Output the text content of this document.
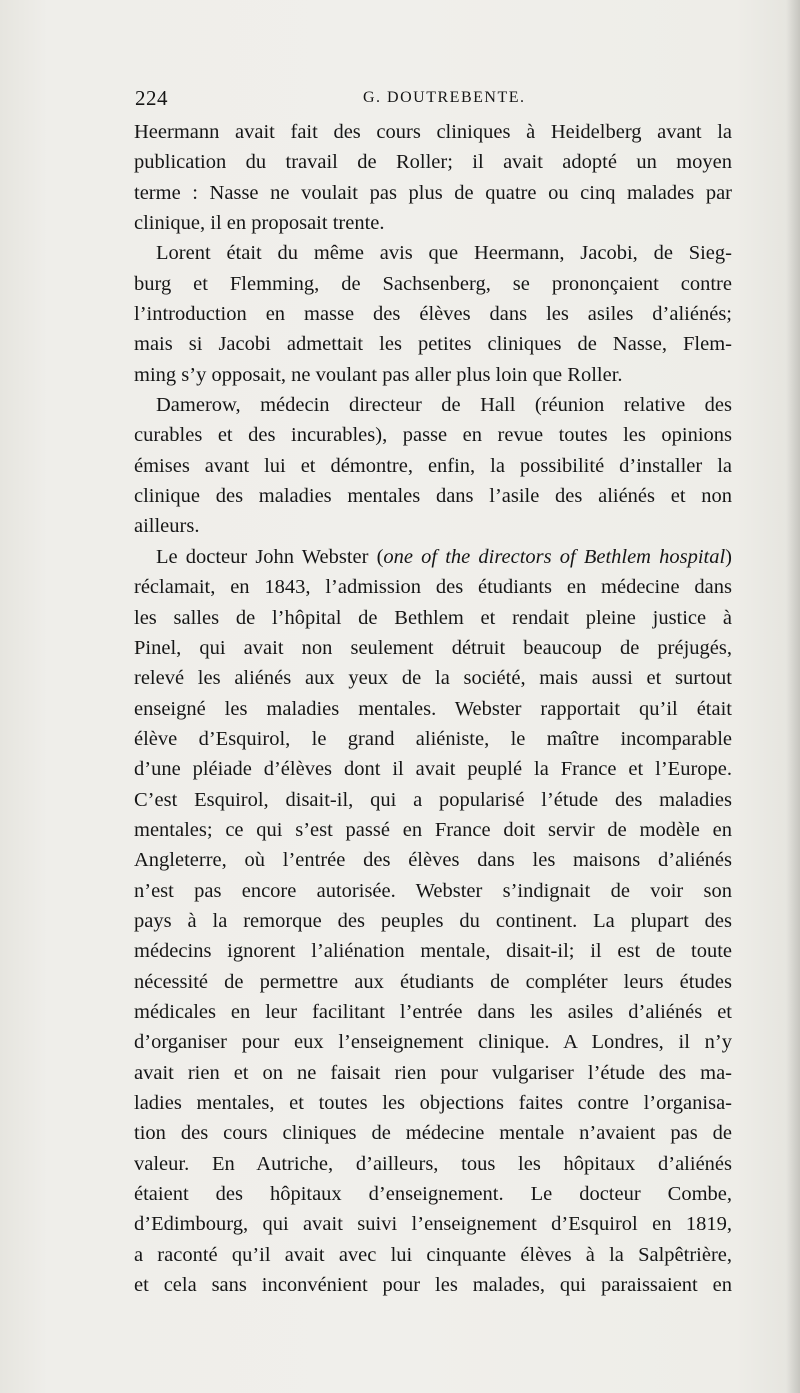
224	G. DOUTREBENTE.
Heermann avait fait des cours cliniques à Heidelberg avant la
publication du travail de Roller; il avait adopté un moyen
terme : Nasse ne voulait pas plus de quatre ou cinq malades par
clinique, il en proposait trente.
Lorent était du même avis que Heermann, Jacobi, de Sieg-
burg et Flemming, de Sachsenberg, se prononçaient contre
l’introduction en masse des élèves dans les asiles d’aliénés;
mais si Jacobi admettait les petites cliniques de Nasse, Flem-
ming s’y opposait, ne voulant pas aller plus loin que Roller.
Damerow, médecin directeur de Hall (réunion relative des
curables et des incurables), passe en revue toutes les opinions
émises avant lui et démontre, enfin, la possibilité d’installer la
clinique des maladies mentales dans l’asile des aliénés et non
ailleurs.
Le docteur John Webster (one of the directors of Bethlem hospital)
réclamait, en 1843, l’admission des étudiants en médecine dans
les salles de l’hôpital de Bethlem et rendait pleine justice à
Pinel, qui avait non seulement détruit beaucoup de préjugés,
relevé les aliénés aux yeux de la société, mais aussi et surtout
enseigné les maladies mentales. Webster rapportait qu’il était
élève d’Esquirol, le grand aliéniste, le maître incomparable
d’une pléiade d’élèves dont il avait peuplé la France et l’Europe.
C’est Esquirol, disait-il, qui a popularisé l’étude des maladies
mentales; ce qui s’est passé en France doit servir de modèle en
Angleterre, où l’entrée des élèves dans les maisons d’aliénés
n’est pas encore autorisée. Webster s’indignait de voir son
pays à la remorque des peuples du continent. La plupart des
médecins ignorent l’aliénation mentale, disait-il; il est de toute
nécessité de permettre aux étudiants de compléter leurs études
médicales en leur facilitant l’entrée dans les asiles d’aliénés et
d’organiser pour eux l’enseignement clinique. A Londres, il n’y
avait rien et on ne faisait rien pour vulgariser l’étude des ma-
ladies mentales, et toutes les objections faites contre l’organisa-
tion des cours cliniques de médecine mentale n’avaient pas de
valeur. En Autriche, d’ailleurs, tous les hôpitaux d’aliénés
étaient des hôpitaux d’enseignement. Le docteur Combe,
d’Edimbourg, qui avait suivi l’enseignement d’Esquirol en 1819,
a raconté qu’il avait avec lui cinquante élèves à la Salpêtrière,
et cela sans inconvénient pour les malades, qui paraissaient en
